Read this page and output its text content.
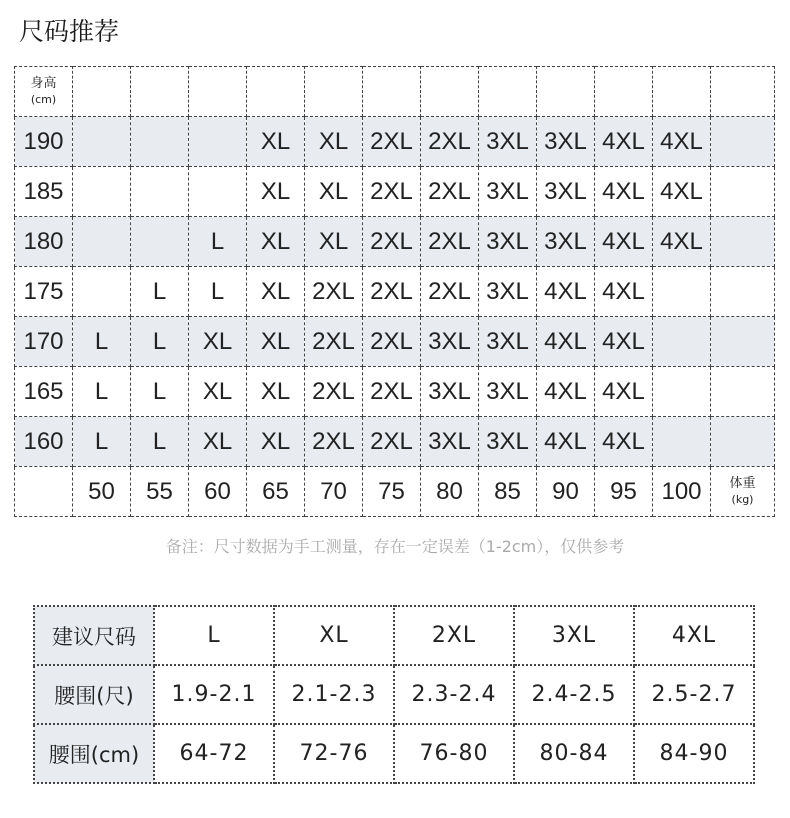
尺码推荐
身高
(cm)												

190				XL	XL	2XL	2XL	3XL	3XL	4XL	4XL	
185				XL	XL	2XL	2XL	3XL	3XL	4XL	4XL	
180			L	XL	XL	2XL	2XL	3XL	3XL	4XL	4XL	
175		L	L	XL	2XL	2XL	2XL	3XL	4XL	4XL		
170	L	L	XL	XL	2XL	2XL	3XL	3XL	4XL	4XL		
165	L	L	XL	XL	2XL	2XL	3XL	3XL	4XL	4XL		
160	L	L	XL	XL	2XL	2XL	3XL	3XL	4XL	4XL		
	50	55	60	65	70	75	80	85	90	95	100	体重
(kg)
备注：尺寸数据为手工测量，存在一定误差（1-2cm），仅供参考
建议尺码	L	XL	2XL	3XL	4XL
腰围(尺)	1.9-2.1	2.1-2.3	2.3-2.4	2.4-2.5	2.5-2.7
腰围(cm)	64-72	72-76	76-80	80-84	84-90
